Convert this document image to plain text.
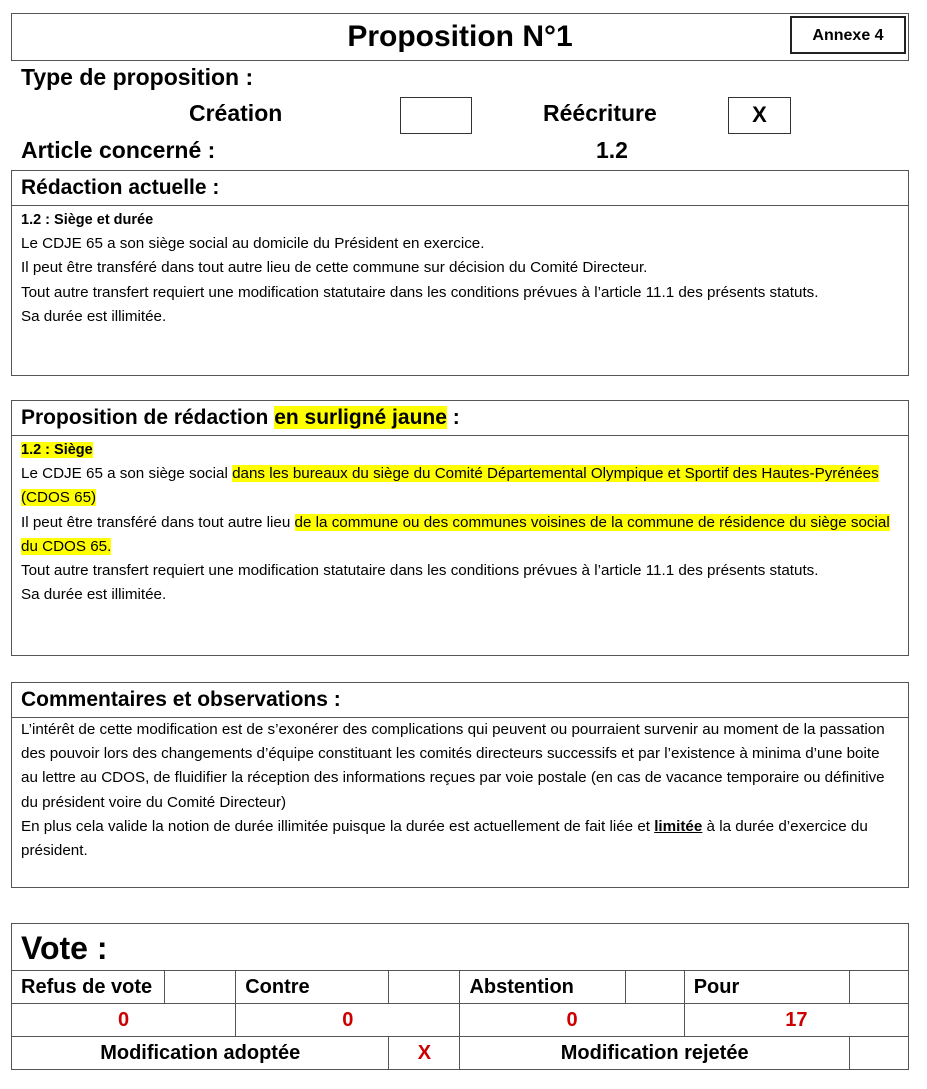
Proposition N°1	Annexe 4
Type de proposition :
Création	Réécriture	X
Article concerné :	1.2
Rédaction actuelle :
1.2 : Siège et durée
Le CDJE 65 a son siège social au domicile du Président en exercice.
Il peut être transféré dans tout autre lieu de cette commune sur décision du Comité Directeur.
Tout autre transfert requiert une modification statutaire dans les conditions prévues à l’article 11.1 des présents statuts.
Sa durée est illimitée.
Proposition de rédaction en surligné jaune :
1.2 : Siège
Le CDJE 65 a son siège social dans les bureaux du siège du Comité Départemental Olympique et Sportif des Hautes-Pyrénées (CDOS 65)
Il peut être transféré dans tout autre lieu de la commune ou des communes voisines de la commune de résidence du siège social du CDOS 65.
Tout autre transfert requiert une modification statutaire dans les conditions prévues à l’article 11.1 des présents statuts.
Sa durée est illimitée.
Commentaires et observations :
L’intérêt de cette modification est de s’exonérer des complications qui peuvent ou pourraient survenir au moment de la passation des pouvoir lors des changements d’équipe constituant les comités directeurs successifs et par l’existence à minima d’une boite au lettre au CDOS, de fluidifier la réception des informations reçues par voie postale (en cas de vacance temporaire ou définitive du président voire du Comité Directeur)
En plus cela valide la notion de durée illimitée puisque la durée est actuellement de fait liée et limitée à la durée d’exercice du président.
Vote :
Refus de vote		Contre		Abstention		Pour	
0		0		0		17	
Modification adoptée			X	Modification rejetée			
